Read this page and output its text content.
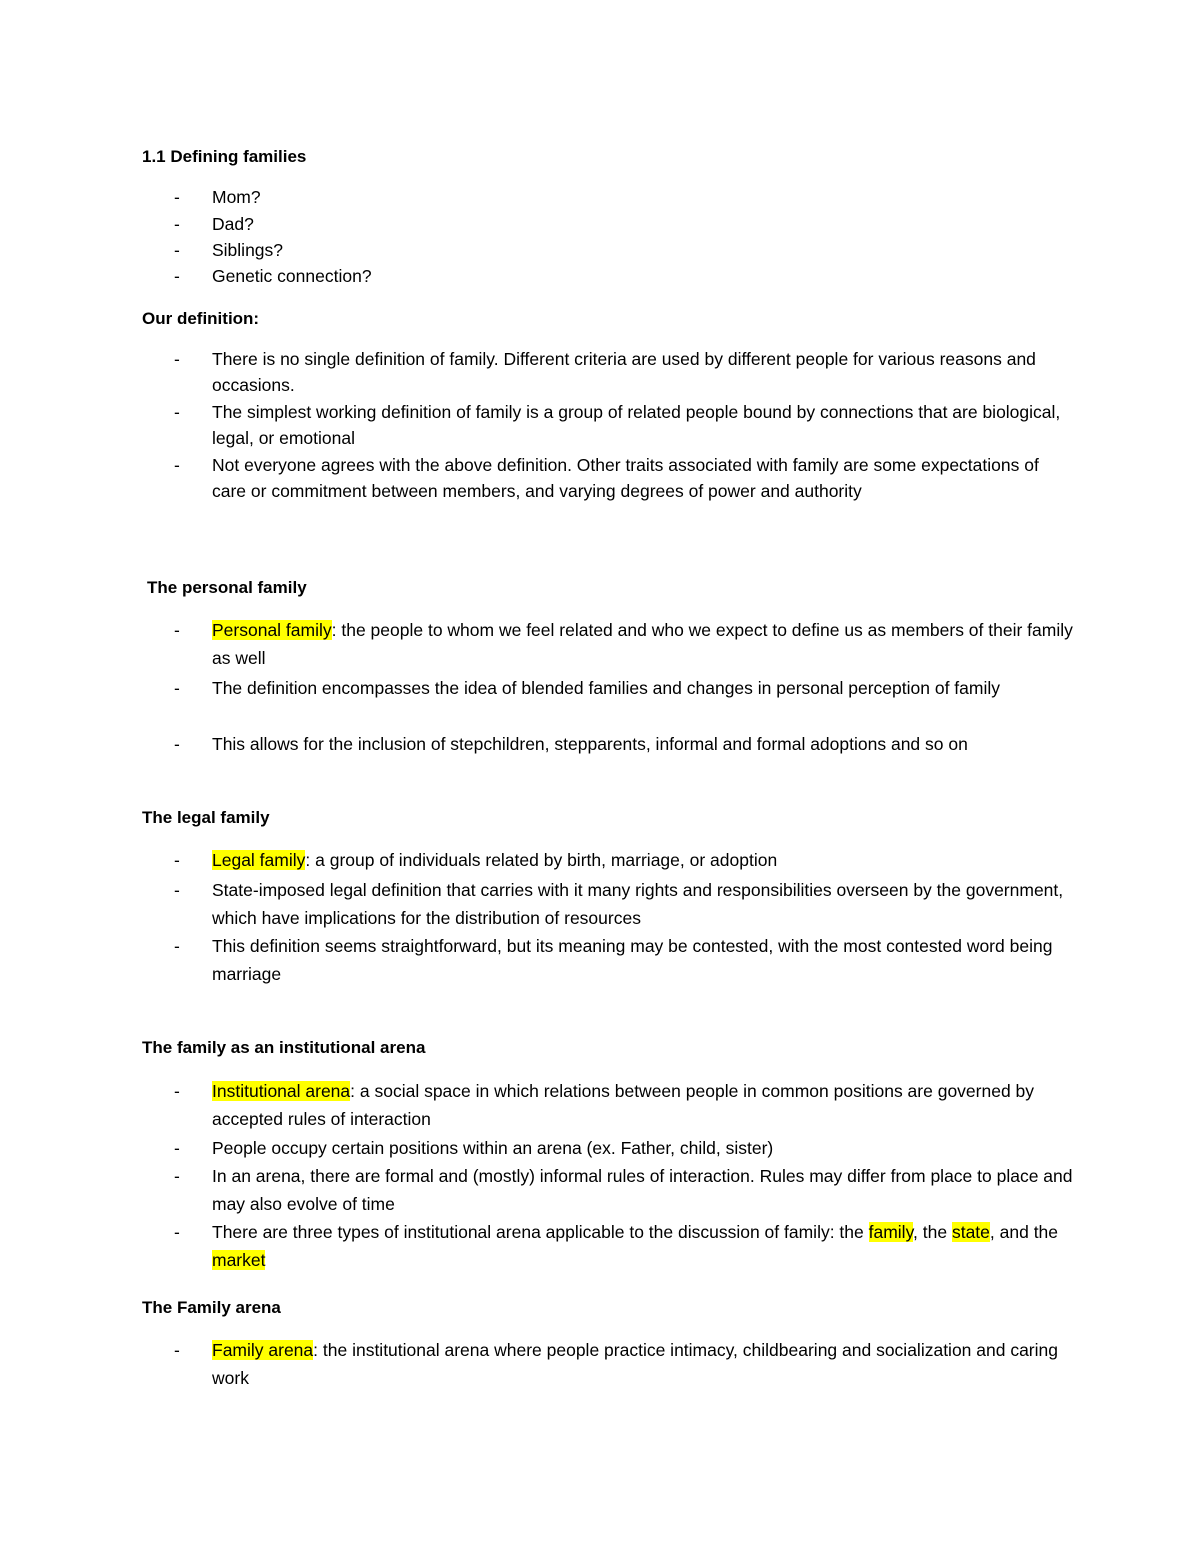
1.1 Defining families
-	Mom?
-	Dad?
-	Siblings?
-	Genetic connection?
Our definition:
-	There is no single definition of family. Different criteria are used by different people for various reasons and occasions.
-	The simplest working definition of family is a group of related people bound by connections that are biological, legal, or emotional
-	Not everyone agrees with the above definition. Other traits associated with family are some expectations of care or commitment between members, and varying degrees of power and authority
The personal family
-	Personal family: the people to whom we feel related and who we expect to define us as members of their family as well
-	The definition encompasses the idea of blended families and changes in personal perception of family
-	This allows for the inclusion of stepchildren, stepparents, informal and formal adoptions and so on
The legal family
-	Legal family: a group of individuals related by birth, marriage, or adoption
-	State-imposed legal definition that carries with it many rights and responsibilities overseen by the government, which have implications for the distribution of resources
-	This definition seems straightforward, but its meaning may be contested, with the most contested word being marriage
The family as an institutional arena
-	Institutional arena: a social space in which relations between people in common positions are governed by accepted rules of interaction
-	People occupy certain positions within an arena (ex. Father, child, sister)
-	In an arena, there are formal and (mostly) informal rules of interaction. Rules may differ from place to place and may also evolve of time
-	There are three types of institutional arena applicable to the discussion of family: the family, the state, and the market
The Family arena
-	Family arena: the institutional arena where people practice intimacy, childbearing and socialization and caring work
